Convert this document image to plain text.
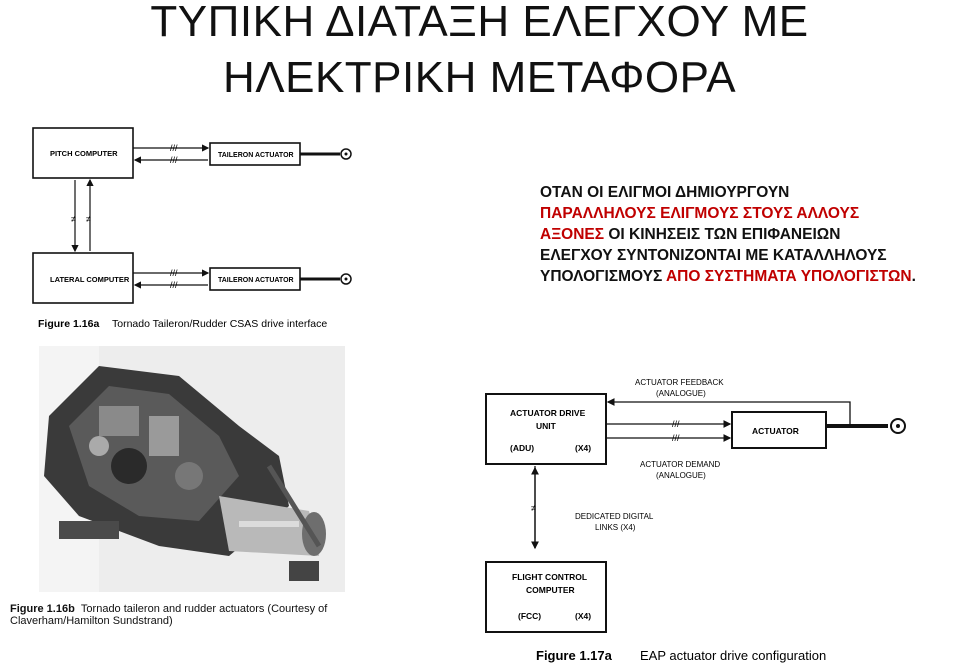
ΤΥΠΙΚΗ ΔΙΑΤΑΞΗ ΕΛΕΓΧΟΥ ΜΕ
ΗΛΕΚΤΡΙΚΗ ΜΕΤΑΦΟΡΑ
ΟΤΑΝ ΟΙ ΕΛΙΓΜΟΙ ΔΗΜΙΟΥΡΓΟΥΝ
ΠΑΡΑΛΛΗΛΟΥΣ ΕΛΙΓΜΟΥΣ ΣΤΟΥΣ ΑΛΛΟΥΣ
ΑΞΟΝΕΣ ΟΙ ΚΙΝΗΣΕΙΣ ΤΩΝ ΕΠΙΦΑΝΕΙΩΝ
ΕΛΕΓΧΟΥ ΣΥΝΤΟΝΙΖΟΝΤΑΙ ΜΕ ΚΑΤΑΛΛΗΛΟΥΣ
ΥΠΟΛΟΓΙΣΜΟΥΣ ΑΠΟ ΣΥΣΤΗΜΑΤΑ ΥΠΟΛΟΓΙΣΤΩΝ.
PITCH COMPUTER
LATERAL COMPUTER
TAILERON ACTUATOR
TAILERON ACTUATOR
///
///
///
///
≠ ≠
Figure 1.16a Tornado Taileron/Rudder CSAS drive interface
Figure 1.16b Tornado taileron and rudder actuators (Courtesy of
Claverham/Hamilton Sundstrand)
ACTUATOR DRIVE
UNIT
(ADU)	(X4)
ACTUATOR
ACTUATOR FEEDBACK
(ANALOGUE)
///
///
ACTUATOR DEMAND
(ANALOGUE)
≠
DEDICATED DIGITAL
LINKS (X4)
FLIGHT CONTROL
COMPUTER
(FCC)	(X4)
Figure 1.17a EAP actuator drive configuration
